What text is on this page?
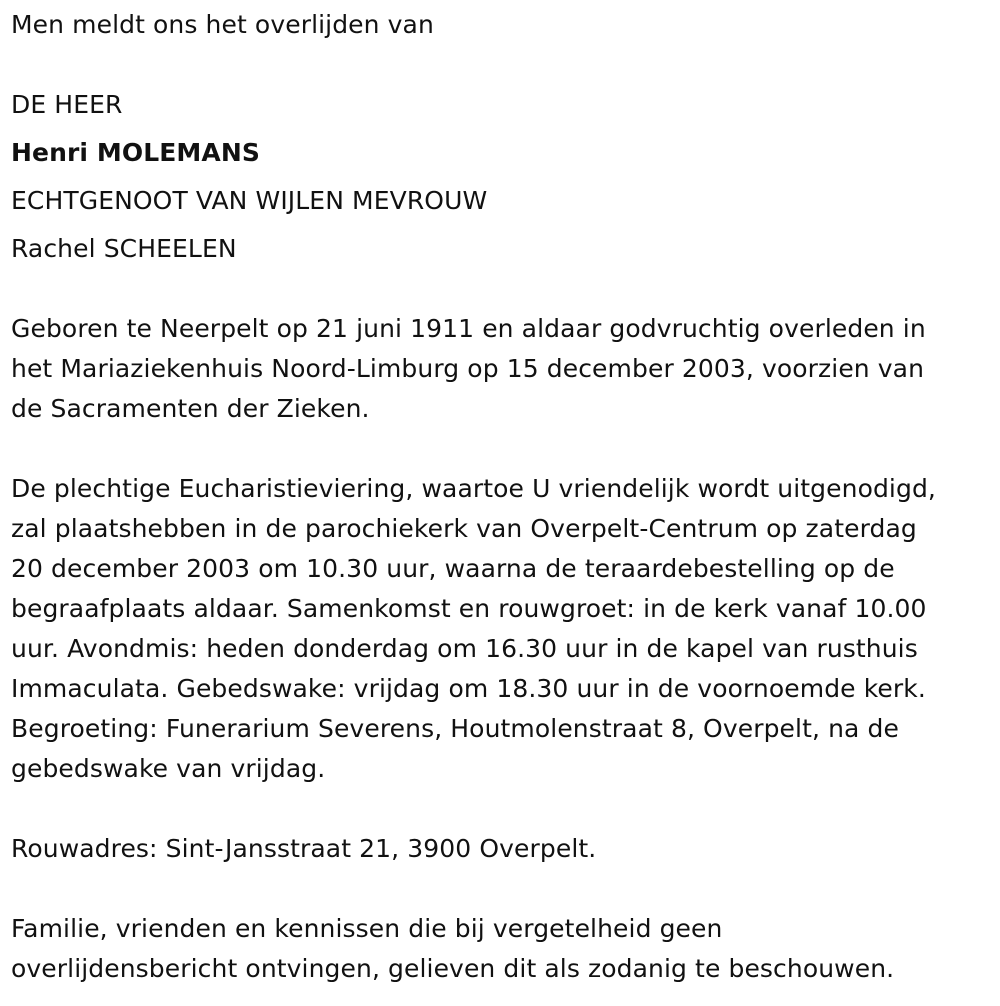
Men meldt ons het overlijden van
DE HEER
Henri MOLEMANS
ECHTGENOOT VAN WIJLEN MEVROUW
Rachel SCHEELEN
Geboren te Neerpelt op 21 juni 1911 en aldaar godvruchtig overleden in
het Mariaziekenhuis Noord-Limburg op 15 december 2003, voorzien van
de Sacramenten der Zieken.
De plechtige Eucharistieviering, waartoe U vriendelijk wordt uitgenodigd,
zal plaatshebben in de parochiekerk van Overpelt-Centrum op zaterdag
20 december 2003 om 10.30 uur, waarna de teraardebestelling op de
begraafplaats aldaar. Samenkomst en rouwgroet: in de kerk vanaf 10.00
uur. Avondmis: heden donderdag om 16.30 uur in de kapel van rusthuis
Immaculata. Gebedswake: vrijdag om 18.30 uur in de voornoemde kerk.
Begroeting: Funerarium Severens, Houtmolenstraat 8, Overpelt, na de
gebedswake van vrijdag.
Rouwadres: Sint-Jansstraat 21, 3900 Overpelt.
Familie, vrienden en kennissen die bij vergetelheid geen
overlijdensbericht ontvingen, gelieven dit als zodanig te beschouwen.
